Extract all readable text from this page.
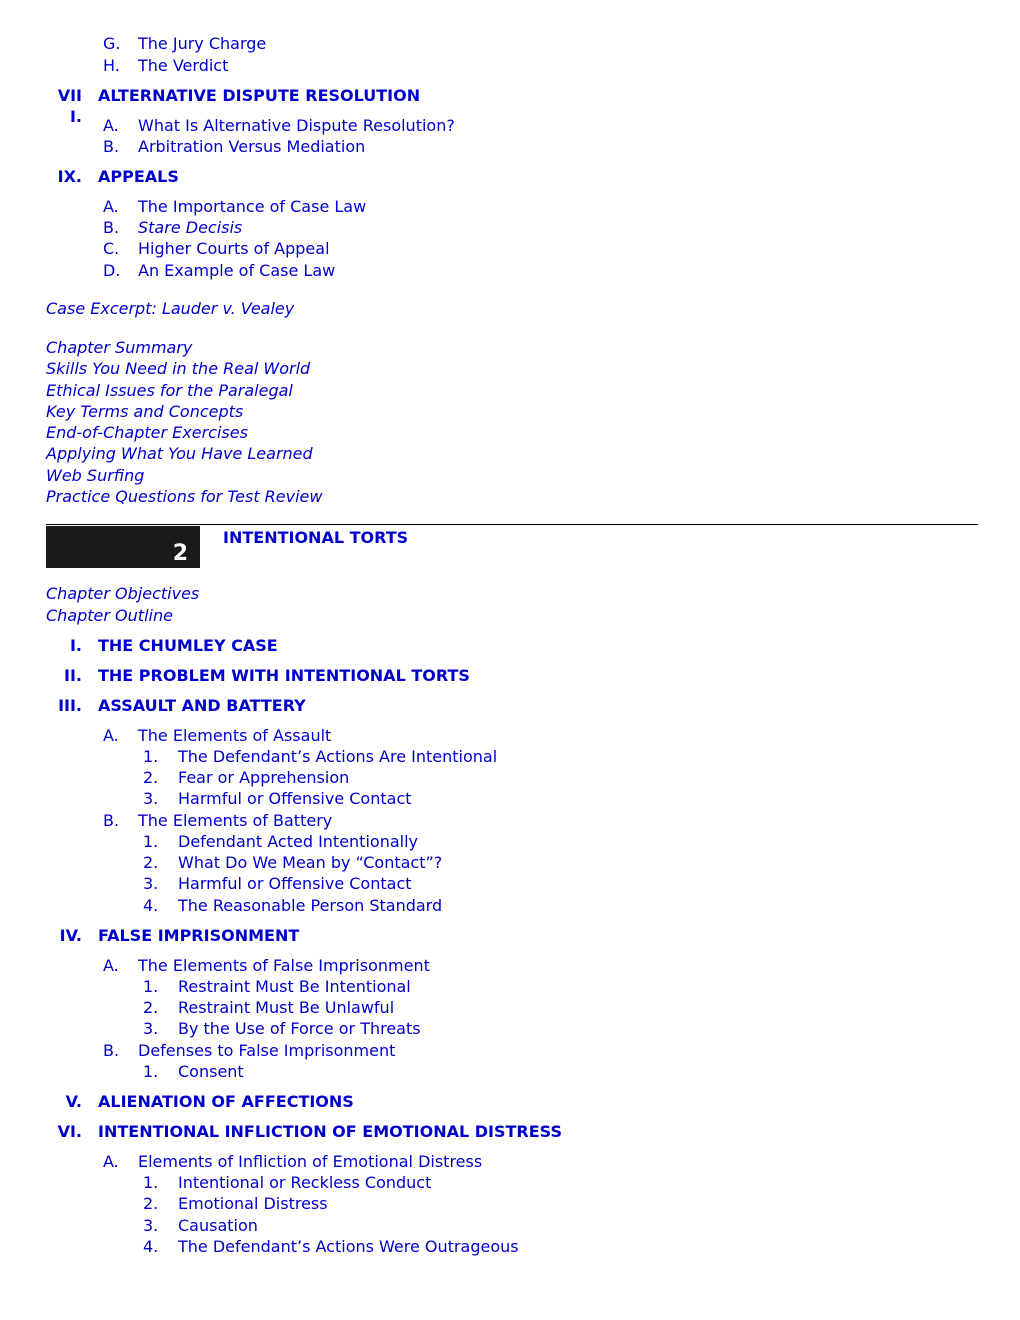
G. The Jury Charge
H. The Verdict
VII
I.
ALTERNATIVE DISPUTE RESOLUTION
A. What Is Alternative Dispute Resolution?
B. Arbitration Versus Mediation
IX. APPEALS
A. The Importance of Case Law
B. Stare Decisis
C. Higher Courts of Appeal
D. An Example of Case Law
Case Excerpt: Lauder v. Vealey
Chapter Summary
Skills You Need in the Real World
Ethical Issues for the Paralegal
Key Terms and Concepts
End-of-Chapter Exercises
Applying What You Have Learned
Web Surfing
Practice Questions for Test Review
2
INTENTIONAL TORTS
Chapter Objectives
Chapter Outline
I. THE CHUMLEY CASE
II. THE PROBLEM WITH INTENTIONAL TORTS
III. ASSAULT AND BATTERY
A. The Elements of Assault
1. The Defendant’s Actions Are Intentional
2. Fear or Apprehension
3. Harmful or Offensive Contact
B. The Elements of Battery
1. Defendant Acted Intentionally
2. What Do We Mean by “Contact”?
3. Harmful or Offensive Contact
4. The Reasonable Person Standard
IV. FALSE IMPRISONMENT
A. The Elements of False Imprisonment
1. Restraint Must Be Intentional
2. Restraint Must Be Unlawful
3. By the Use of Force or Threats
B. Defenses to False Imprisonment
1. Consent
V. ALIENATION OF AFFECTIONS
VI. INTENTIONAL INFLICTION OF EMOTIONAL DISTRESS
A. Elements of Infliction of Emotional Distress
1. Intentional or Reckless Conduct
2. Emotional Distress
3. Causation
4. The Defendant’s Actions Were Outrageous
